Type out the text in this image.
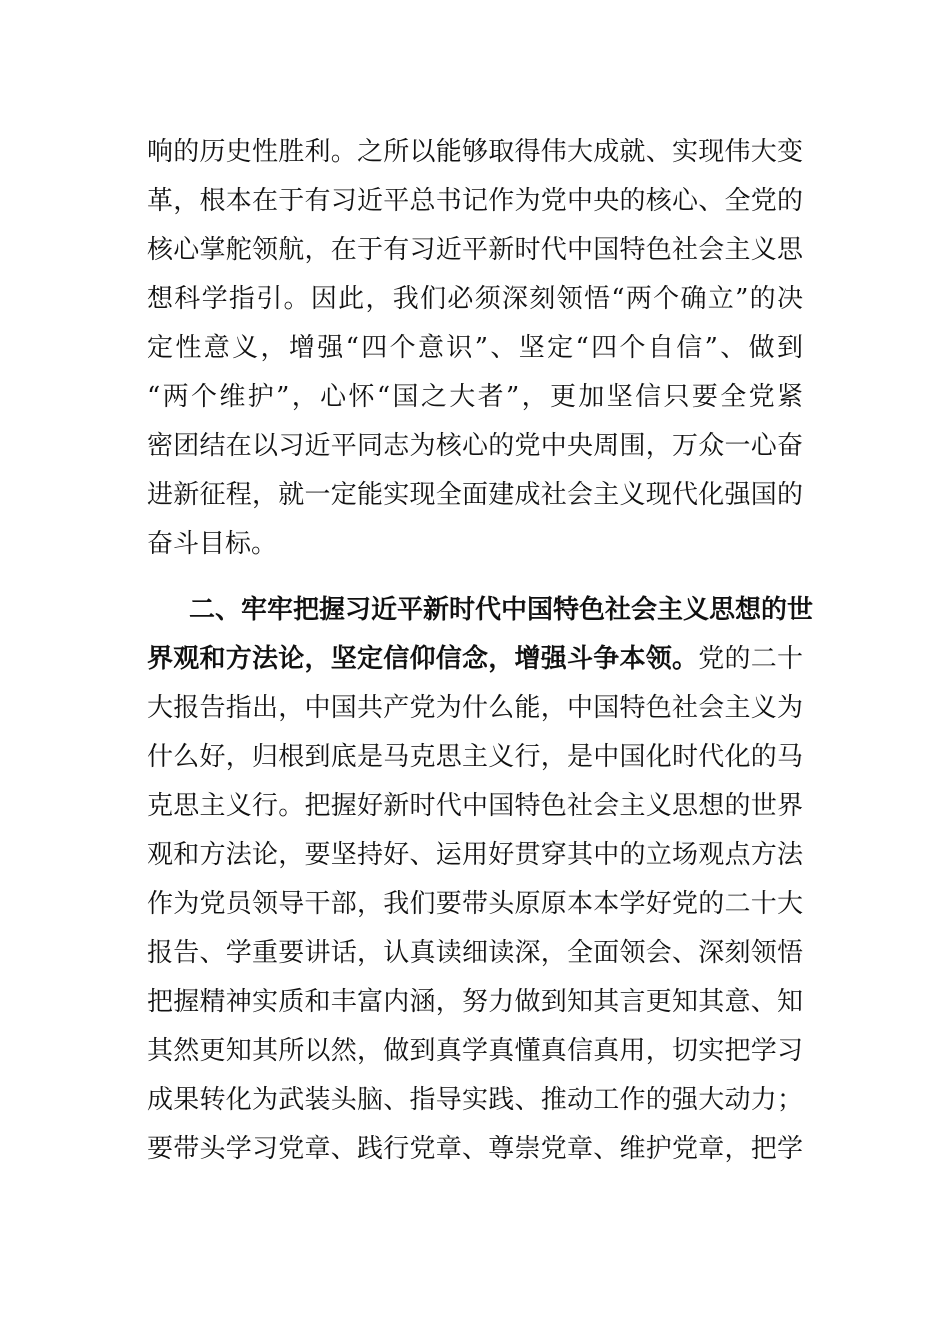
响的历史性胜利。之所以能够取得伟大成就、实现伟大变
革，根本在于有习近平总书记作为党中央的核心、全党的
核心掌舵领航，在于有习近平新时代中国特色社会主义思
想科学指引。因此，我们必须深刻领悟“两个确立”的决
定性意义，增强“四个意识”、坚定“四个自信”、做到
“两个维护”，心怀“国之大者”，更加坚信只要全党紧
密团结在以习近平同志为核心的党中央周围，万众一心奋
进新征程，就一定能实现全面建成社会主义现代化强国的
奋斗目标。
二、牢牢把握习近平新时代中国特色社会主义思想的世
界观和方法论，坚定信仰信念，增强斗争本领。党的二十
大报告指出，中国共产党为什么能，中国特色社会主义为
什么好，归根到底是马克思主义行，是中国化时代化的马
克思主义行。把握好新时代中国特色社会主义思想的世界
观和方法论，要坚持好、运用好贯穿其中的立场观点方法
作为党员领导干部，我们要带头原原本本学好党的二十大
报告、学重要讲话，认真读细读深，全面领会、深刻领悟
把握精神实质和丰富内涵，努力做到知其言更知其意、知
其然更知其所以然，做到真学真懂真信真用，切实把学习
成果转化为武装头脑、指导实践、推动工作的强大动力；
要带头学习党章、践行党章、尊崇党章、维护党章，把学
